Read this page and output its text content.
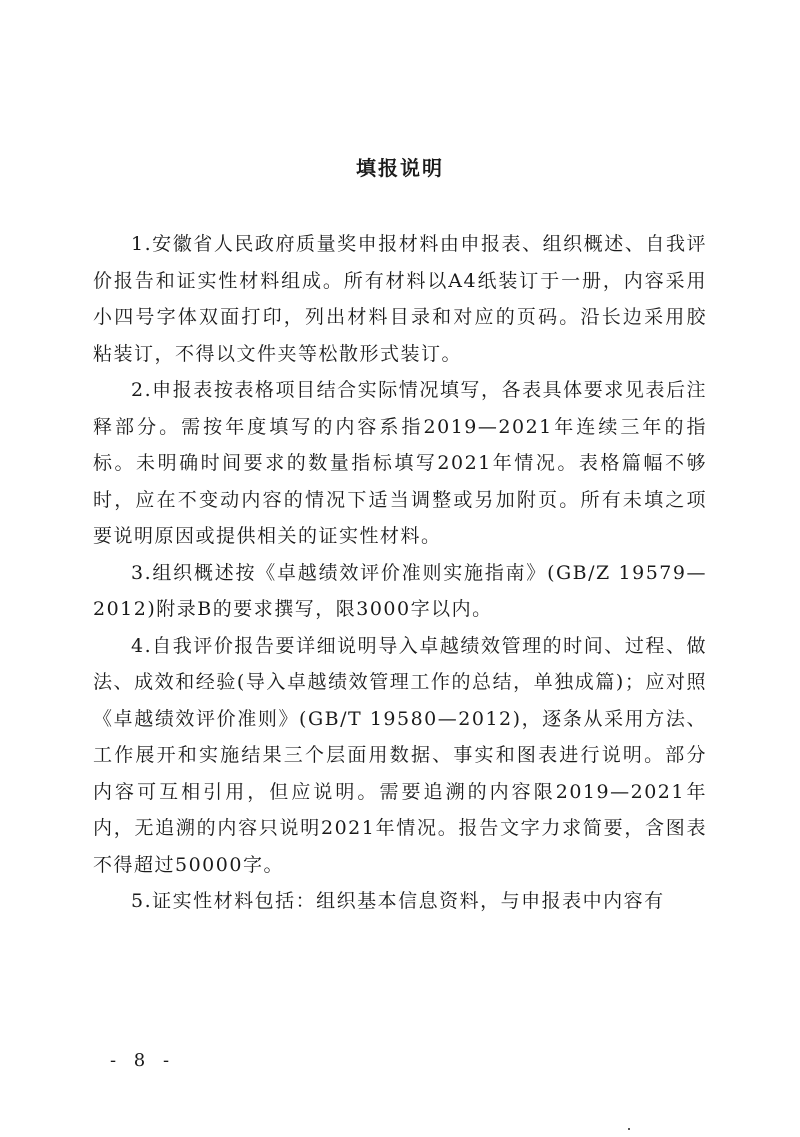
填报说明

1.安徽省人民政府质量奖申报材料由申报表、组织概述、自我评价报告和证实性材料组成。所有材料以A4纸装订于一册，内容采用小四号字体双面打印，列出材料目录和对应的页码。沿长边采用胶粘装订，不得以文件夹等松散形式装订。

2.申报表按表格项目结合实际情况填写，各表具体要求见表后注释部分。需按年度填写的内容系指2019—2021年连续三年的指标。未明确时间要求的数量指标填写2021年情况。表格篇幅不够时，应在不变动内容的情况下适当调整或另加附页。所有未填之项要说明原因或提供相关的证实性材料。

3.组织概述按《卓越绩效评价准则实施指南》(GB/Z 19579—2012)附录B的要求撰写，限3000字以内。

4.自我评价报告要详细说明导入卓越绩效管理的时间、过程、做法、成效和经验(导入卓越绩效管理工作的总结，单独成篇)；应对照《卓越绩效评价准则》(GB/T 19580—2012)，逐条从采用方法、工作展开和实施结果三个层面用数据、事实和图表进行说明。部分内容可互相引用，但应说明。需要追溯的内容限2019—2021年内，无追溯的内容只说明2021年情况。报告文字力求简要，含图表不得超过50000字。

5.证实性材料包括：组织基本信息资料，与申报表中内容有

- 8 -
